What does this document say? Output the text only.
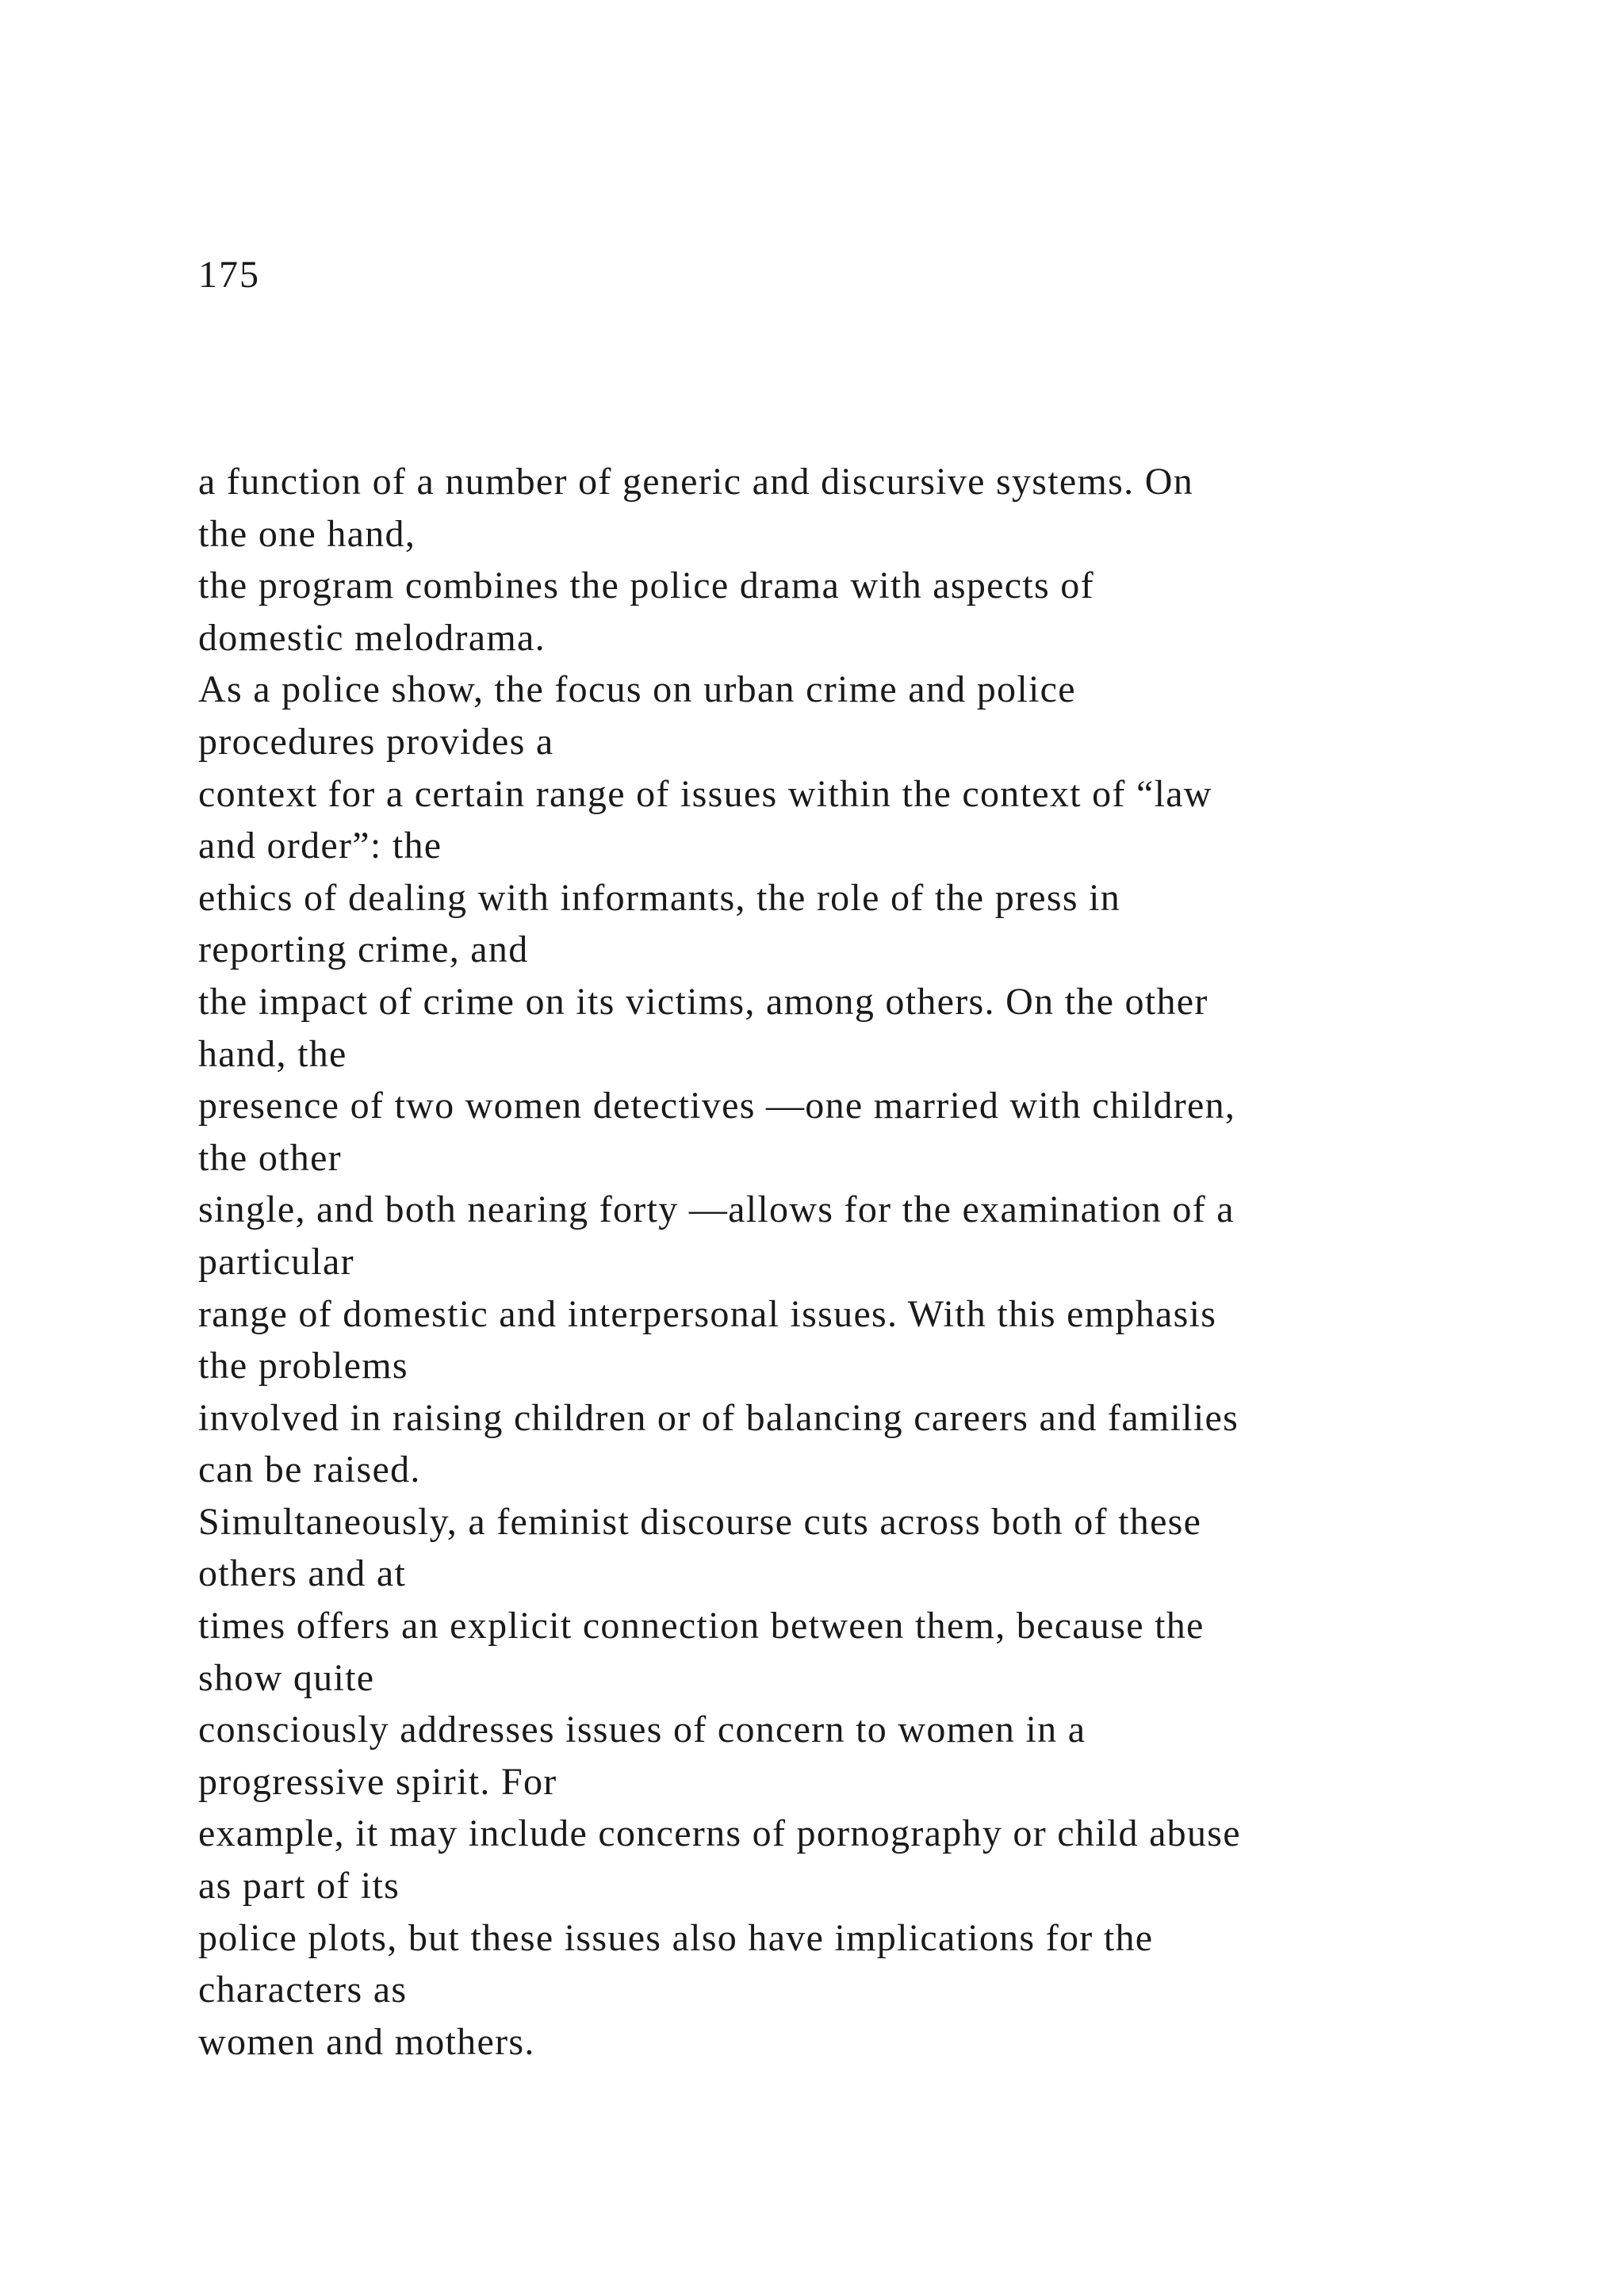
175

a function of a number of generic and discursive systems. On
the one hand,
the program combines the police drama with aspects of
domestic melodrama.
As a police show, the focus on urban crime and police
procedures provides a
context for a certain range of issues within the context of “law
and order”: the
ethics of dealing with informants, the role of the press in
reporting crime, and
the impact of crime on its victims, among others. On the other
hand, the
presence of two women detectives —one married with children,
the other
single, and both nearing forty —allows for the examination of a
particular
range of domestic and interpersonal issues. With this emphasis
the problems
involved in raising children or of balancing careers and families
can be raised.
Simultaneously, a feminist discourse cuts across both of these
others and at
times offers an explicit connection between them, because the
show quite
consciously addresses issues of concern to women in a
progressive spirit. For
example, it may include concerns of pornography or child abuse
as part of its
police plots, but these issues also have implications for the
characters as
women and mothers.
